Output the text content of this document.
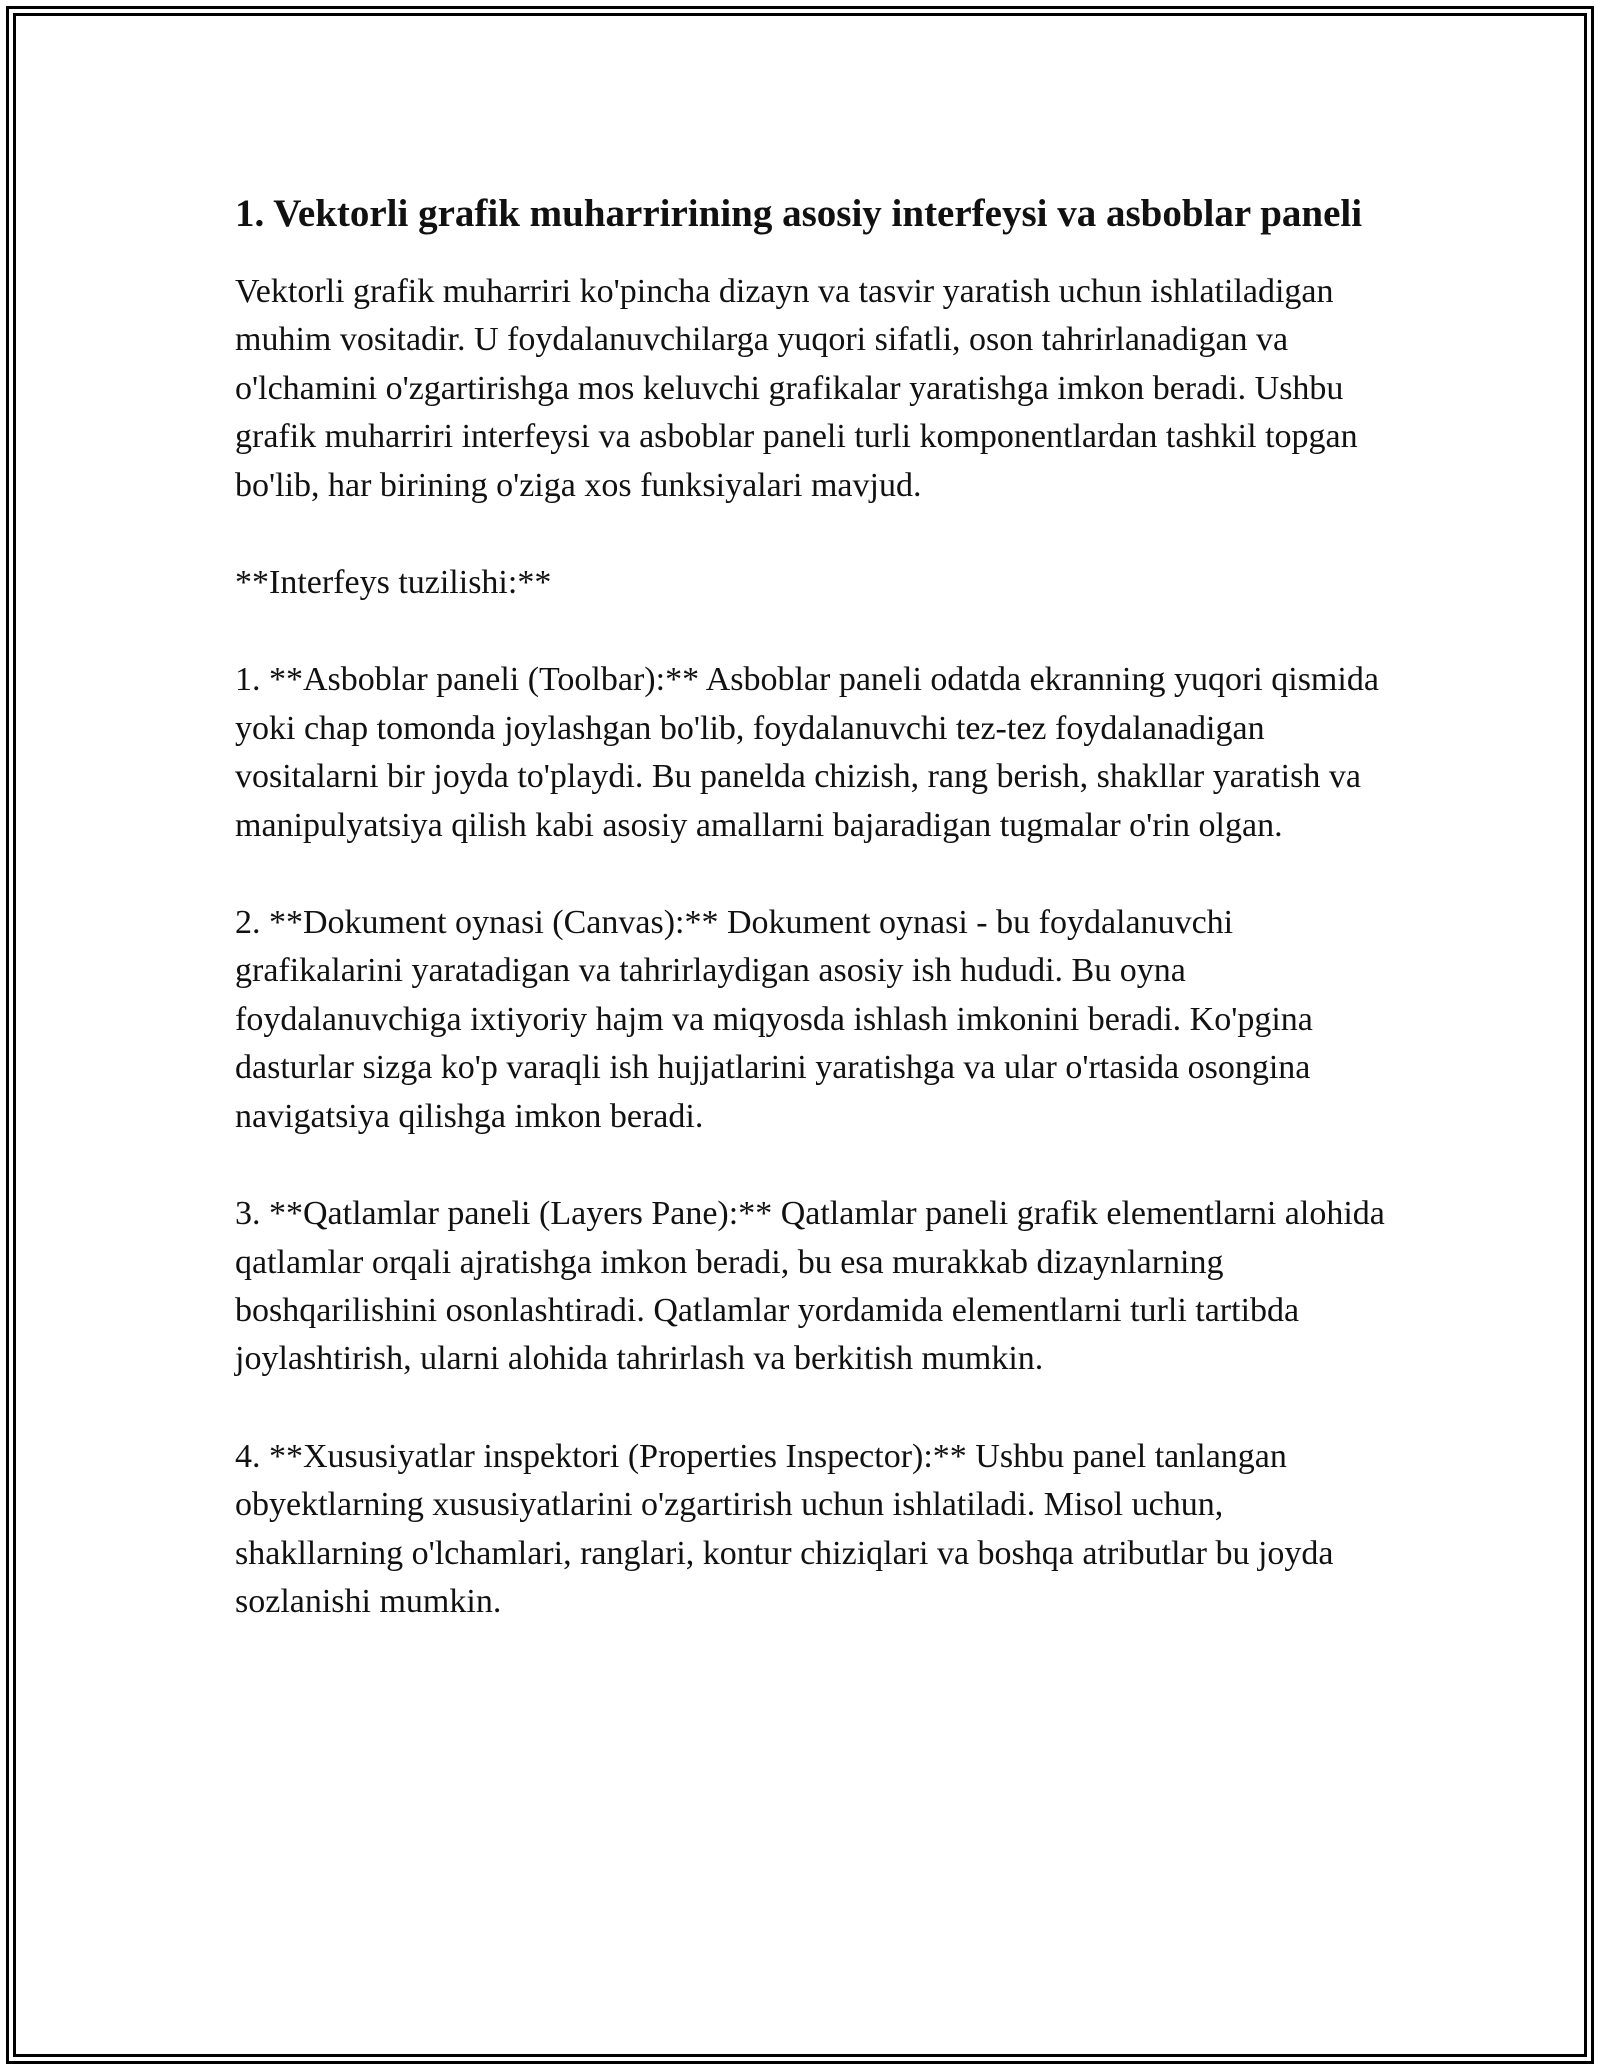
1. Vektorli grafik muharririning asosiy interfeysi va asboblar paneli

Vektorli grafik muharriri ko'pincha dizayn va tasvir yaratish uchun ishlatiladigan muhim vositadir. U foydalanuvchilarga yuqori sifatli, oson tahrirlanadigan va o'lchamini o'zgartirishga mos keluvchi grafikalar yaratishga imkon beradi. Ushbu grafik muharriri interfeysi va asboblar paneli turli komponentlardan tashkil topgan bo'lib, har birining o'ziga xos funksiyalari mavjud.

**Interfeys tuzilishi:**

1. **Asboblar paneli (Toolbar):** Asboblar paneli odatda ekranning yuqori qismida yoki chap tomonda joylashgan bo'lib, foydalanuvchi tez-tez foydalanadigan vositalarni bir joyda to'playdi. Bu panelda chizish, rang berish, shakllar yaratish va manipulyatsiya qilish kabi asosiy amallarni bajaradigan tugmalar o'rin olgan.

2. **Dokument oynasi (Canvas):** Dokument oynasi - bu foydalanuvchi grafikalarini yaratadigan va tahrirlaydigan asosiy ish hududi. Bu oyna foydalanuvchiga ixtiyoriy hajm va miqyosda ishlash imkonini beradi. Ko'pgina dasturlar sizga ko'p varaqli ish hujjatlarini yaratishga va ular o'rtasida osongina navigatsiya qilishga imkon beradi.

3. **Qatlamlar paneli (Layers Pane):** Qatlamlar paneli grafik elementlarni alohida qatlamlar orqali ajratishga imkon beradi, bu esa murakkab dizaynlarning boshqarilishini osonlashtiradi. Qatlamlar yordamida elementlarni turli tartibda joylashtirish, ularni alohida tahrirlash va berkitish mumkin.

4. **Xususiyatlar inspektori (Properties Inspector):** Ushbu panel tanlangan obyektlarning xususiyatlarini o'zgartirish uchun ishlatiladi. Misol uchun, shakllarning o'lchamlari, ranglari, kontur chiziqlari va boshqa atributlar bu joyda sozlanishi mumkin.
